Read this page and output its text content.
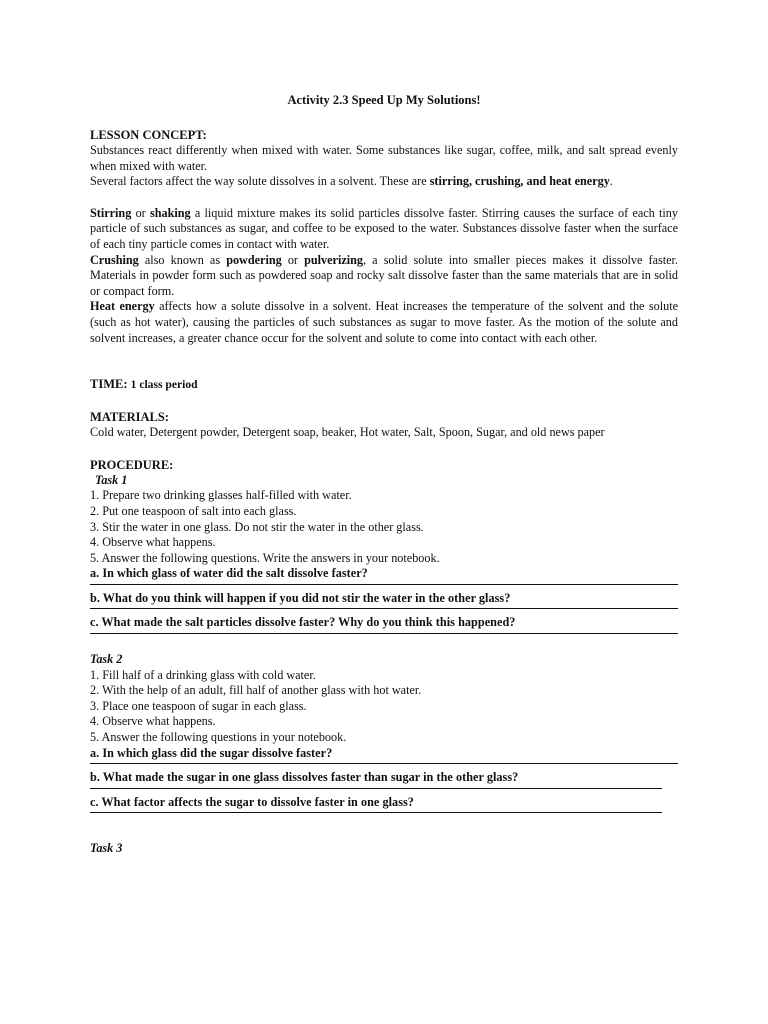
Activity 2.3 Speed Up My Solutions!

LESSON CONCEPT:

Substances react differently when mixed with water. Some substances like sugar, coffee, milk, and salt spread evenly when mixed with water.

Several factors affect the way solute dissolves in a solvent. These are stirring, crushing, and heat energy.

Stirring or shaking a liquid mixture makes its solid particles dissolve faster. Stirring causes the surface of each tiny particle of such substances as sugar, and coffee to be exposed to the water. Substances dissolve faster when the surface of each tiny particle comes in contact with water.

Crushing also known as powdering or pulverizing, a solid solute into smaller pieces makes it dissolve faster. Materials in powder form such as powdered soap and rocky salt dissolve faster than the same materials that are in solid or compact form.

Heat energy affects how a solute dissolve in a solvent. Heat increases the temperature of the solvent and the solute (such as hot water), causing the particles of such substances as sugar to move faster. As the motion of the solute and solvent increases, a greater chance occur for the solvent and solute to come into contact with each other.

TIME: 1 class period

MATERIALS:

Cold water, Detergent powder, Detergent soap, beaker, Hot water, Salt, Spoon, Sugar, and old news paper

PROCEDURE:

Task 1

1. Prepare two drinking glasses half-filled with water.
2. Put one teaspoon of salt into each glass.
3. Stir the water in one glass. Do not stir the water in the other glass.
4. Observe what happens.
5. Answer the following questions. Write the answers in your notebook.

a. In which glass of water did the salt dissolve faster?

b. What do you think will happen if you did not stir the water in the other glass?

c. What made the salt particles dissolve faster? Why do you think this happened?

Task 2

1. Fill half of a drinking glass with cold water.
2. With the help of an adult, fill half of another glass with hot water.
3. Place one teaspoon of sugar in each glass.
4. Observe what happens.
5. Answer the following questions in your notebook.

a. In which glass did the sugar dissolve faster?

b. What made the sugar in one glass dissolves faster than sugar in the other glass?

c. What factor affects the sugar to dissolve faster in one glass?

Task 3
